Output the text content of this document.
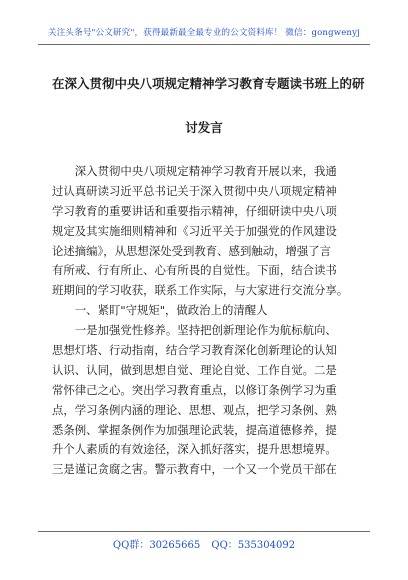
关注头条号"公文研究"，获得最新最全最专业的公文资料库！ 微信：gongwenyj
在深入贯彻中央八项规定精神学习教育专题读书班上的研
讨发言
　　深入贯彻中央八项规定精神学习教育开展以来，我通
过认真研读习近平总书记关于深入贯彻中央八项规定精神
学习教育的重要讲话和重要指示精神，仔细研读中央八项
规定及其实施细则精神和《习近平关于加强党的作风建设
论述摘编》，从思想深处受到教育、感到触动，增强了言
有所戒、行有所止、心有所畏的自觉性。下面，结合读书
班期间的学习收获，联系工作实际，与大家进行交流分享。
　　一、紧盯"守规矩"，做政治上的清醒人
　　一是加强党性修养。坚持把创新理论作为航标航向、
思想灯塔、行动指南，结合学习教育深化创新理论的认知
认识、认同，做到思想自觉、理论自觉、工作自觉。二是
常怀律己之心。突出学习教育重点，以修订条例学习为重
点，学习条例内涵的理论、思想、观点，把学习条例、熟
悉条例、掌握条例作为加强理论武装，提高道德修养，提
升个人素质的有效途径，深入抓好落实，提升思想境界。
三是谨记贪腐之害。警示教育中，一个又一个党员干部在
QQ群：30265665 QQ：535304092
